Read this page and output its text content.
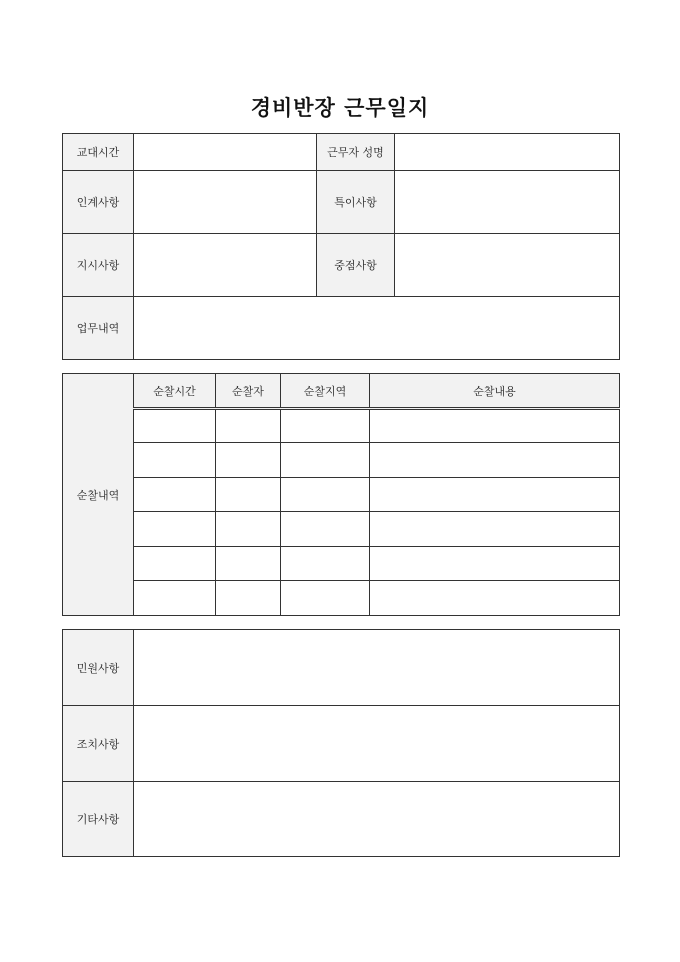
경비반장 근무일지
교대시간		근무자 성명	
인계사항		특이사항	
지시사항		중점사항	
업무내역			
순찰내역	순찰시간	순찰자	순찰지역	순찰내용

민원사항	
조치사항	
기타사항	
